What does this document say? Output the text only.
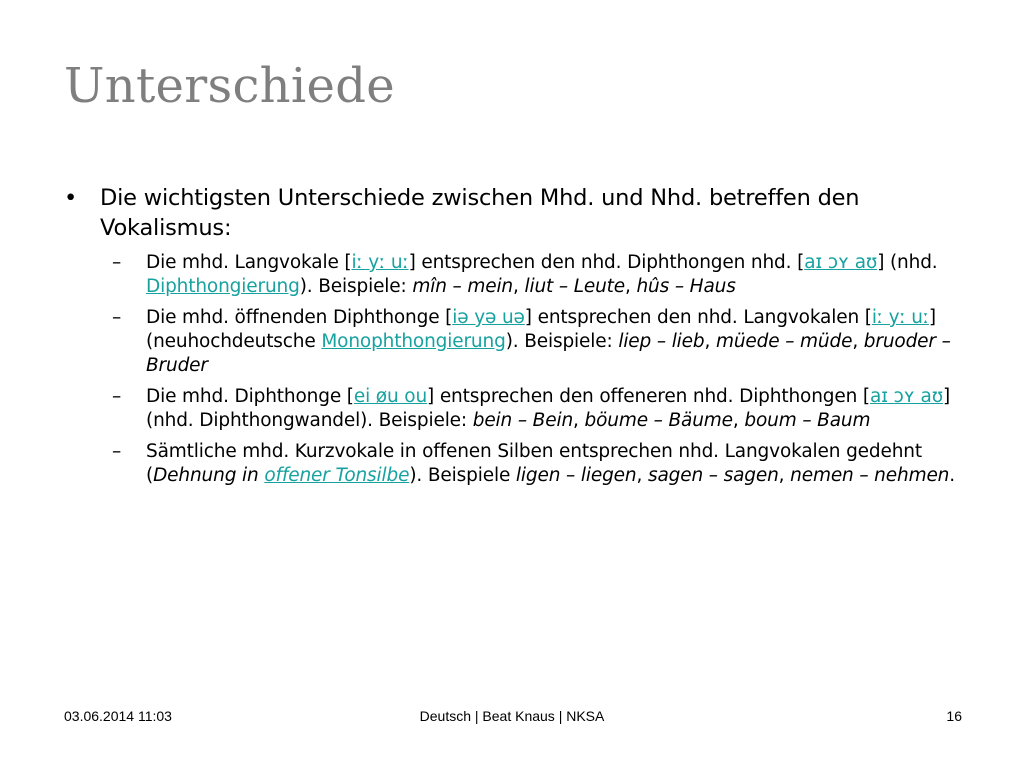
Unterschiede
• Die wichtigsten Unterschiede zwischen Mhd. und Nhd. betreffen den Vokalismus:
– Die mhd. Langvokale [iː yː uː] entsprechen den nhd. Diphthongen nhd. [aɪ ɔʏ aʊ] (nhd. Diphthongierung). Beispiele: mîn – mein, liut – Leute, hûs – Haus
– Die mhd. öffnenden Diphthonge [iə yə uə] entsprechen den nhd. Langvokalen [iː yː uː] (neuhochdeutsche Monophthongierung). Beispiele: liep – lieb, müede – müde, bruoder – Bruder
– Die mhd. Diphthonge [ei øu ou] entsprechen den offeneren nhd. Diphthongen [aɪ ɔʏ aʊ] (nhd. Diphthongwandel). Beispiele: bein – Bein, böume – Bäume, boum – Baum
– Sämtliche mhd. Kurzvokale in offenen Silben entsprechen nhd. Langvokalen gedehnt (Dehnung in offener Tonsilbe). Beispiele ligen – liegen, sagen – sagen, nemen – nehmen.
03.06.2014 11:03	Deutsch | Beat Knaus | NKSA	16
